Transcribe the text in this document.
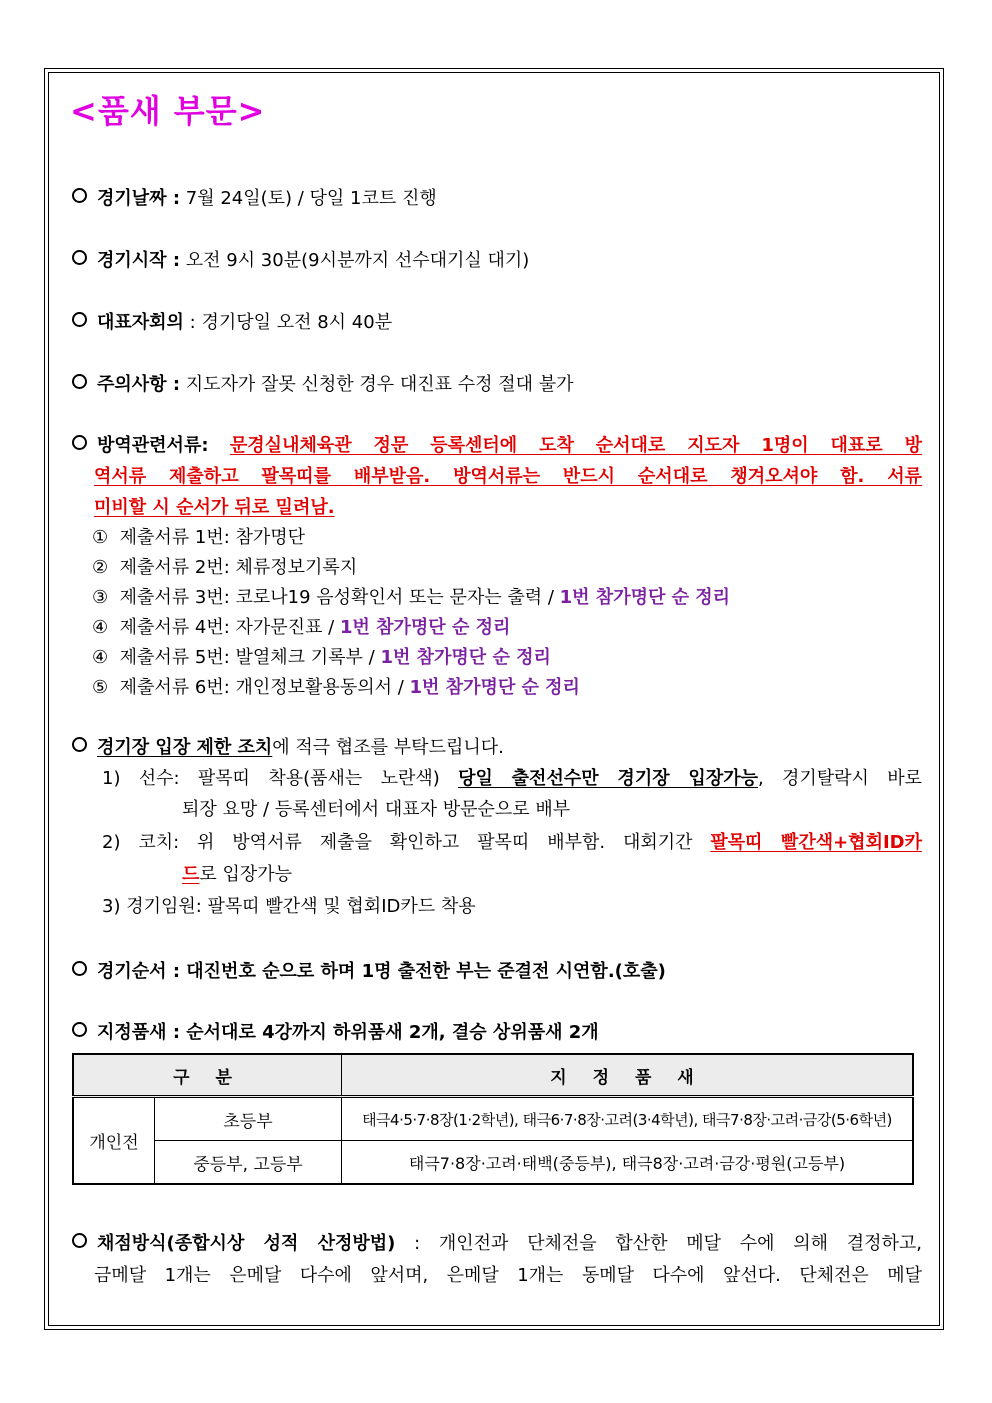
<품새 부문>
경기날짜 : 7월 24일(토) / 당일 1코트 진행
경기시작 : 오전 9시 30분(9시분까지 선수대기실 대기)
대표자회의 : 경기당일 오전 8시 40분
주의사항 : 지도자가 잘못 신청한 경우 대진표 수정 절대 불가
방역관련서류: 문경실내체육관 정문 등록센터에 도착 순서대로 지도자 1명이 대표로 방
역서류 제출하고 팔목띠를 배부받음. 방역서류는 반드시 순서대로 챙겨오셔야 함. 서류
미비할 시 순서가 뒤로 밀려남.
① 제출서류 1번: 참가명단
② 제출서류 2번: 체류정보기록지
③ 제출서류 3번: 코로나19 음성확인서 또는 문자는 출력 / 1번 참가명단 순 정리
④ 제출서류 4번: 자가문진표 / 1번 참가명단 순 정리
④ 제출서류 5번: 발열체크 기록부 / 1번 참가명단 순 정리
⑤ 제출서류 6번: 개인정보활용동의서 / 1번 참가명단 순 정리
경기장 입장 제한 조치에 적극 협조를 부탁드립니다.
1) 선수: 팔목띠 착용(품새는 노란색) 당일 출전선수만 경기장 입장가능, 경기탈락시 바로
퇴장 요망 / 등록센터에서 대표자 방문순으로 배부
2) 코치: 위 방역서류 제출을 확인하고 팔목띠 배부함. 대회기간 팔목띠 빨간색+협회ID카
드로 입장가능
3) 경기임원: 팔목띠 빨간색 및 협회ID카드 착용
경기순서 : 대진번호 순으로 하며 1명 출전한 부는 준결전 시연함.(호출)
지정품새 : 순서대로 4강까지 하위품새 2개, 결승 상위품새 2개
구 분		지 정 품 새
개인전	초등부	태극4·5·7·8장(1·2학년), 태극6·7·8장·고려(3·4학년), 태극7·8장·고려·금강(5·6학년)
	중등부, 고등부	태극7·8장·고려·태백(중등부), 태극8장·고려·금강·평원(고등부)
채점방식(종합시상 성적 산정방법) : 개인전과 단체전을 합산한 메달 수에 의해 결정하고,
금메달 1개는 은메달 다수에 앞서며, 은메달 1개는 동메달 다수에 앞선다. 단체전은 메달
